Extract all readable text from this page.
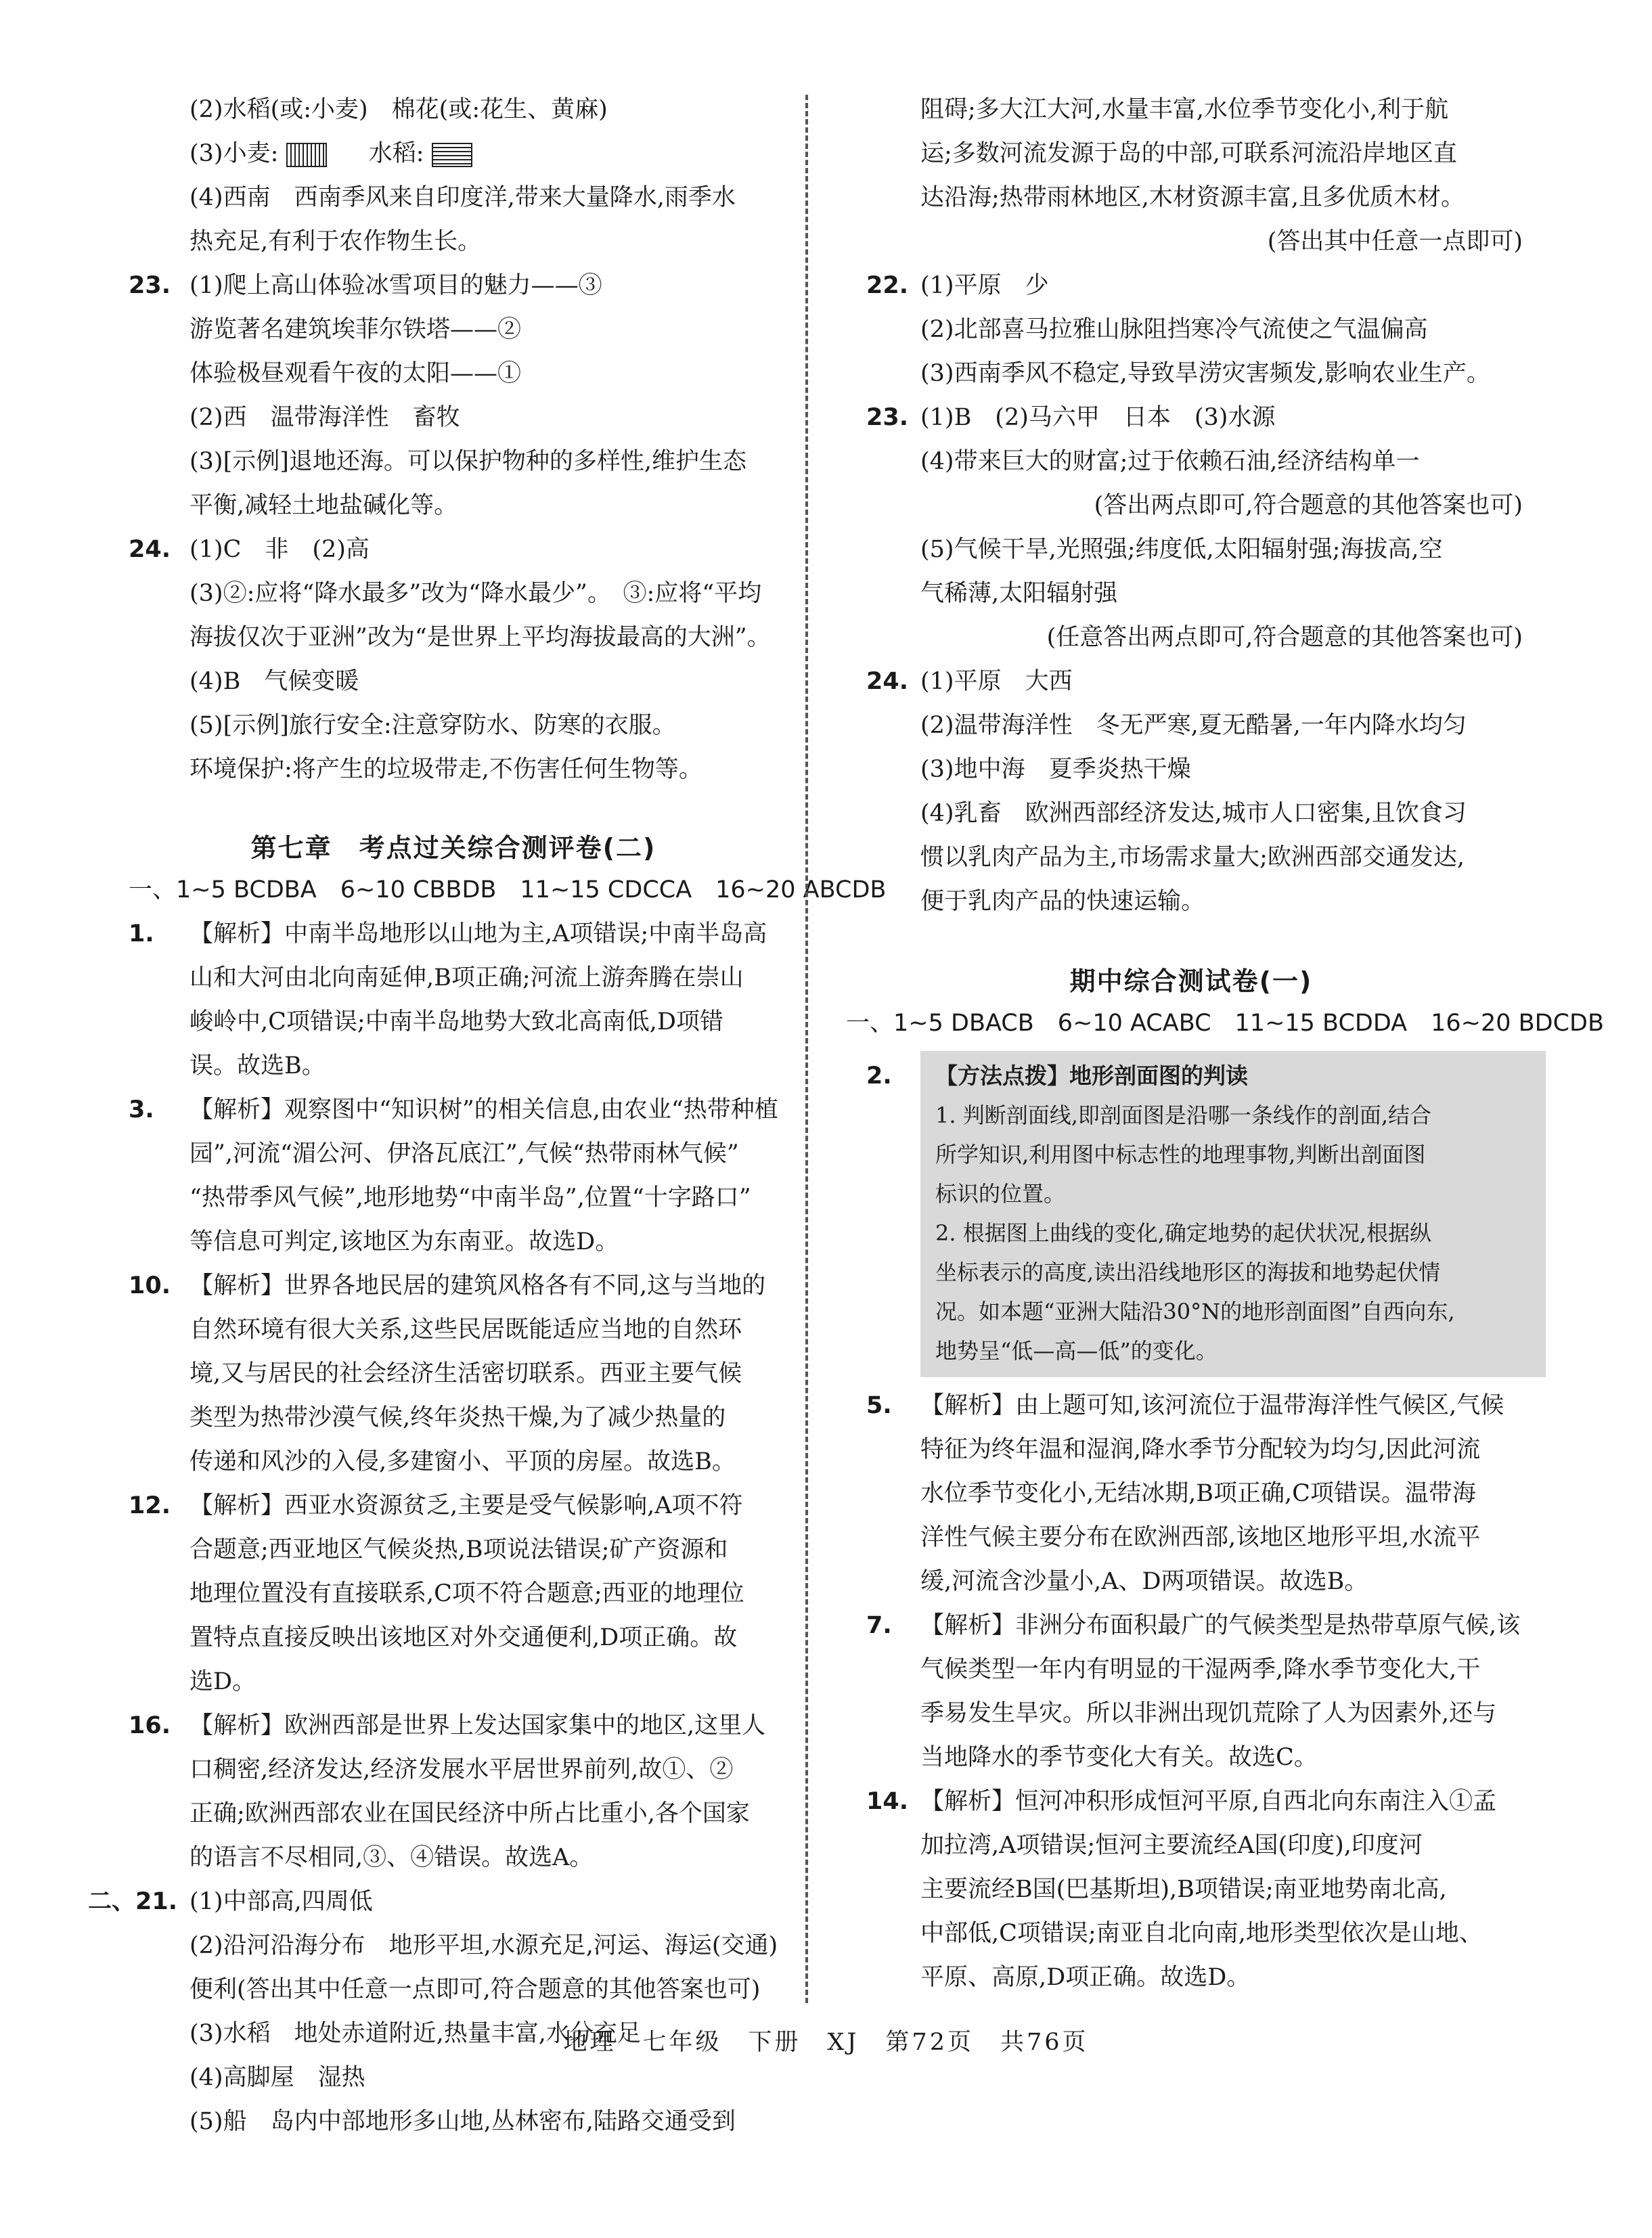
(2)水稻(或:小麦)　棉花(或:花生、黄麻)
(3)小麦:	水稻:
(4)西南　西南季风来自印度洋,带来大量降水,雨季水
热充足,有利于农作物生长。
23. (1)爬上高山体验冰雪项目的魅力——③
游览著名建筑埃菲尔铁塔——②
体验极昼观看午夜的太阳——①
(2)西　温带海洋性　畜牧
(3)[示例]退地还海。可以保护物种的多样性,维护生态
平衡,减轻土地盐碱化等。
24. (1)C　非　(2)高
(3)②:应将“降水最多”改为“降水最少”。　③:应将“平均
海拔仅次于亚洲”改为“是世界上平均海拔最高的大洲”。
(4)B　气候变暖
(5)[示例]旅行安全:注意穿防水、防寒的衣服。
环境保护:将产生的垃圾带走,不伤害任何生物等。
第七章　考点过关综合测评卷(二)
一、1~5 BCDBA　6~10 CBBDB　11~15 CDCCA　16~20 ABCDB
1.	【解析】中南半岛地形以山地为主,A项错误;中南半岛高
山和大河由北向南延伸,B项正确;河流上游奔腾在崇山
峻岭中,C项错误;中南半岛地势大致北高南低,D项错
误。故选B。
3.	【解析】观察图中“知识树”的相关信息,由农业“热带种植
园”,河流“湄公河、伊洛瓦底江”,气候“热带雨林气候”
“热带季风气候”,地形地势“中南半岛”,位置“十字路口”
等信息可判定,该地区为东南亚。故选D。
10. 【解析】世界各地民居的建筑风格各有不同,这与当地的
自然环境有很大关系,这些民居既能适应当地的自然环
境,又与居民的社会经济生活密切联系。西亚主要气候
类型为热带沙漠气候,终年炎热干燥,为了减少热量的
传递和风沙的入侵,多建窗小、平顶的房屋。故选B。
12. 【解析】西亚水资源贫乏,主要是受气候影响,A项不符
合题意;西亚地区气候炎热,B项说法错误;矿产资源和
地理位置没有直接联系,C项不符合题意;西亚的地理位
置特点直接反映出该地区对外交通便利,D项正确。故
选D。
16. 【解析】欧洲西部是世界上发达国家集中的地区,这里人
口稠密,经济发达,经济发展水平居世界前列,故①、②
正确;欧洲西部农业在国民经济中所占比重小,各个国家
的语言不尽相同,③、④错误。故选A。
二、21. (1)中部高,四周低
(2)沿河沿海分布　地形平坦,水源充足,河运、海运(交通)
便利(答出其中任意一点即可,符合题意的其他答案也可)
(3)水稻　地处赤道附近,热量丰富,水分充足
(4)高脚屋　湿热
(5)船　岛内中部地形多山地,丛林密布,陆路交通受到
阻碍;多大江大河,水量丰富,水位季节变化小,利于航
运;多数河流发源于岛的中部,可联系河流沿岸地区直
达沿海;热带雨林地区,木材资源丰富,且多优质木材。
(答出其中任意一点即可)
22. (1)平原　少
(2)北部喜马拉雅山脉阻挡寒冷气流使之气温偏高
(3)西南季风不稳定,导致旱涝灾害频发,影响农业生产。
23. (1)B　(2)马六甲　日本　(3)水源
(4)带来巨大的财富;过于依赖石油,经济结构单一
(答出两点即可,符合题意的其他答案也可)
(5)气候干旱,光照强;纬度低,太阳辐射强;海拔高,空
气稀薄,太阳辐射强
(任意答出两点即可,符合题意的其他答案也可)
24. (1)平原　大西
(2)温带海洋性　冬无严寒,夏无酷暑,一年内降水均匀
(3)地中海　夏季炎热干燥
(4)乳畜　欧洲西部经济发达,城市人口密集,且饮食习
惯以乳肉产品为主,市场需求量大;欧洲西部交通发达,
便于乳肉产品的快速运输。
期中综合测试卷(一)
一、1~5 DBACB　6~10 ACABC　11~15 BCDDA　16~20 BDCDB
2. 【方法点拨】地形剖面图的判读
1. 判断剖面线,即剖面图是沿哪一条线作的剖面,结合
所学知识,利用图中标志性的地理事物,判断出剖面图
标识的位置。
2. 根据图上曲线的变化,确定地势的起伏状况,根据纵
坐标表示的高度,读出沿线地形区的海拔和地势起伏情
况。如本题“亚洲大陆沿30°N的地形剖面图”自西向东,
地势呈“低—高—低”的变化。
5.	【解析】由上题可知,该河流位于温带海洋性气候区,气候
特征为终年温和湿润,降水季节分配较为均匀,因此河流
水位季节变化小,无结冰期,B项正确,C项错误。温带海
洋性气候主要分布在欧洲西部,该地区地形平坦,水流平
缓,河流含沙量小,A、D两项错误。故选B。
7.	【解析】非洲分布面积最广的气候类型是热带草原气候,该
气候类型一年内有明显的干湿两季,降水季节变化大,干
季易发生旱灾。所以非洲出现饥荒除了人为因素外,还与
当地降水的季节变化大有关。故选C。
14. 【解析】恒河冲积形成恒河平原,自西北向东南注入①孟
加拉湾,A项错误;恒河主要流经A国(印度),印度河
主要流经B国(巴基斯坦),B项错误;南亚地势南北高,
中部低,C项错误;南亚自北向南,地形类型依次是山地、
平原、高原,D项正确。故选D。
地理　七年级　下册　XJ　第72页　共76页
